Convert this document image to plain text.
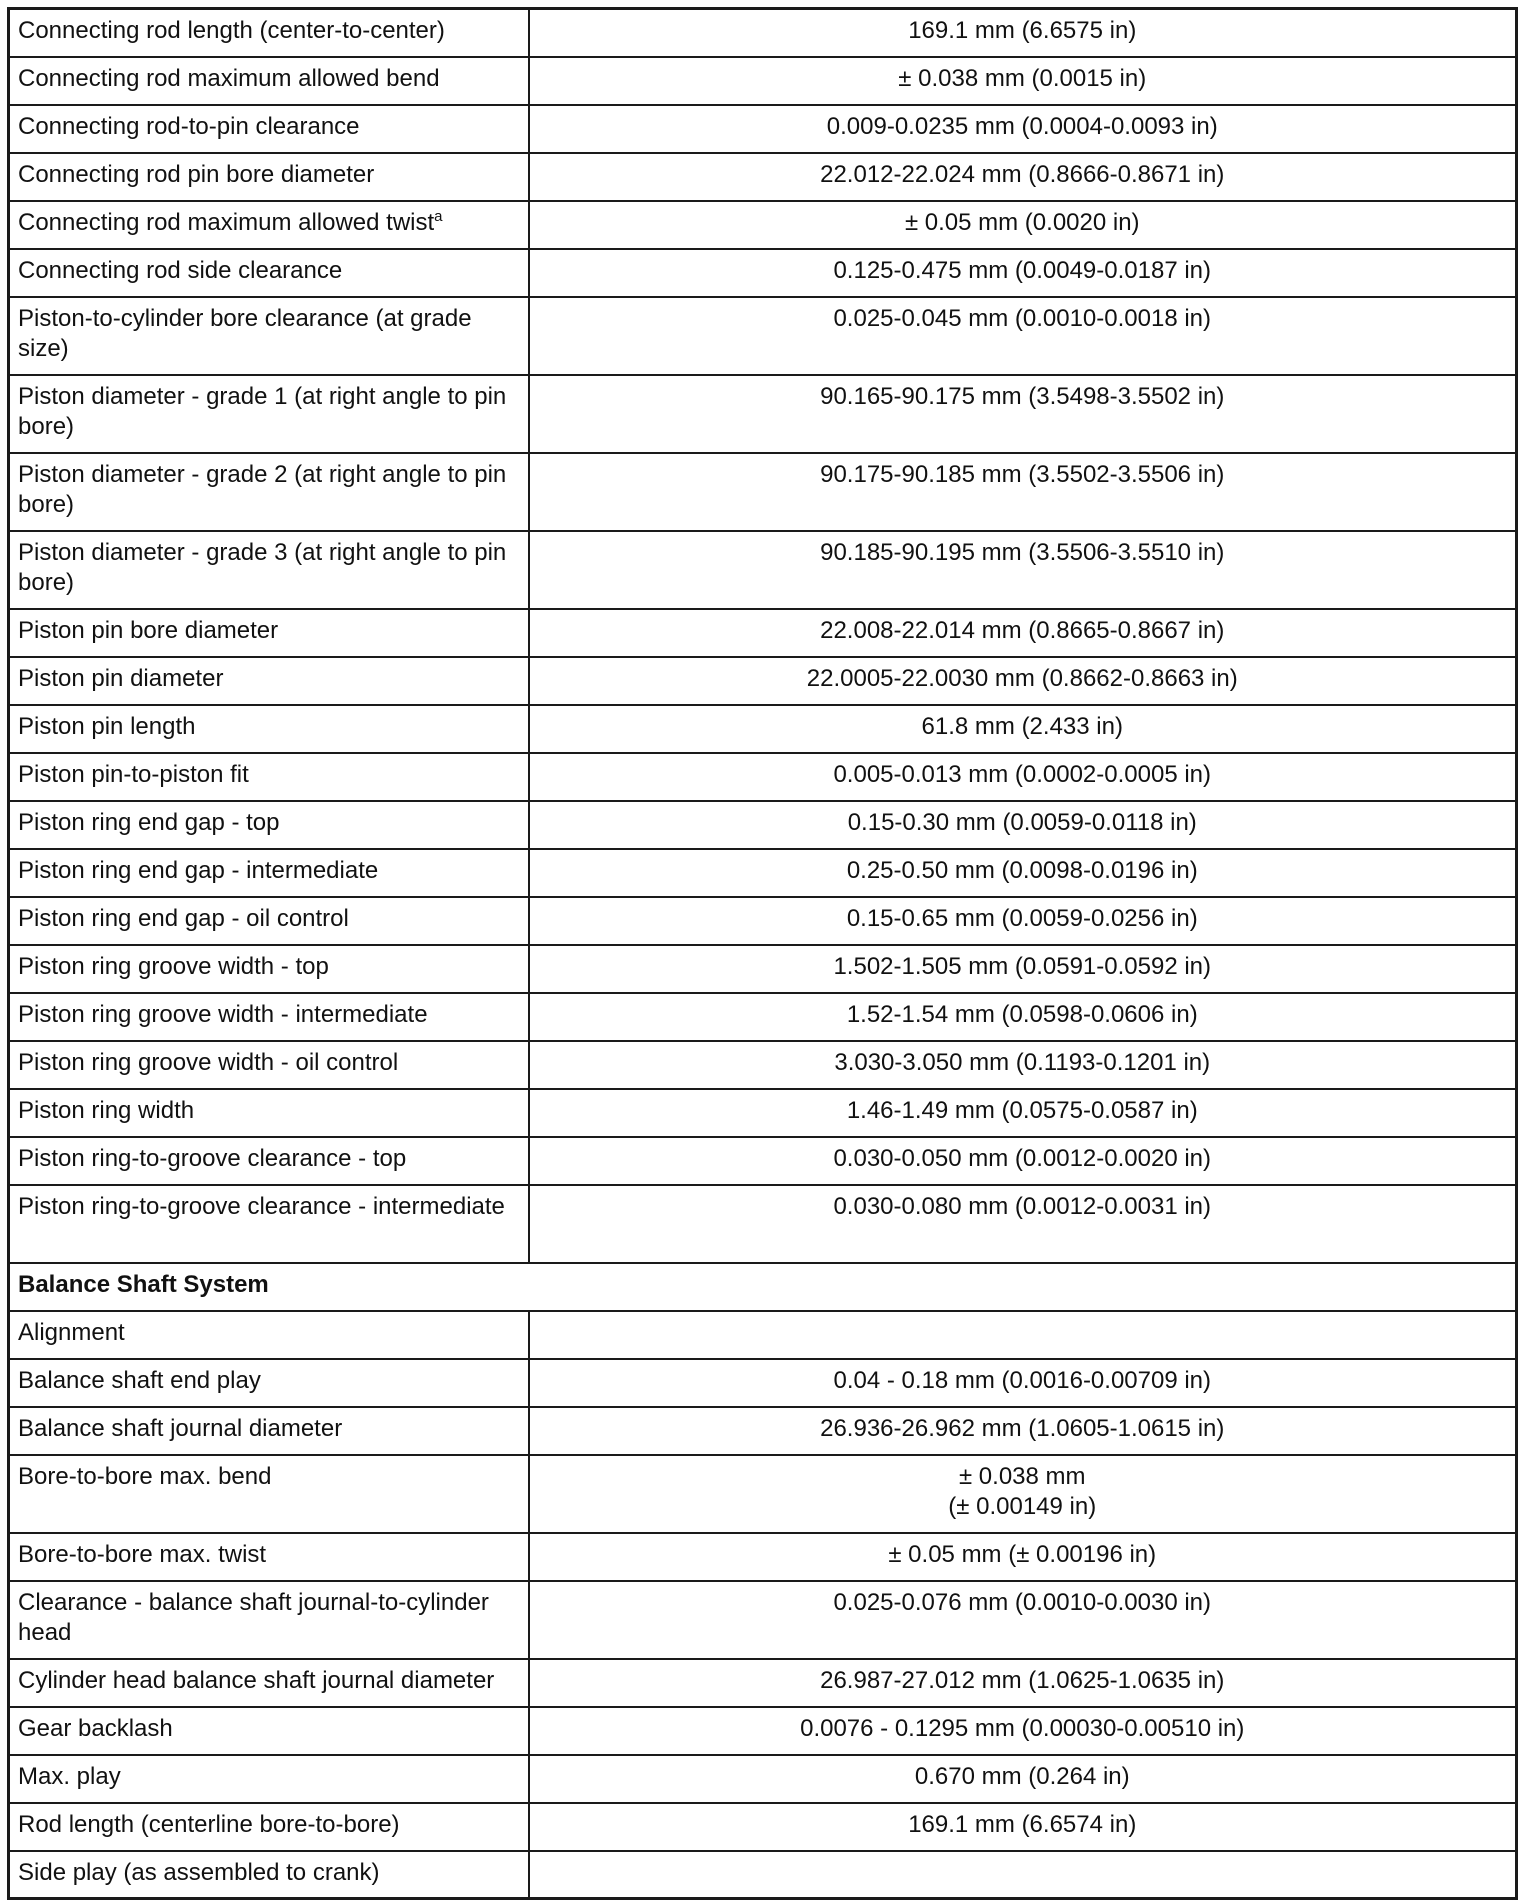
Connecting rod length (center-to-center)	169.1 mm (6.6575 in)
Connecting rod maximum allowed bend	± 0.038 mm (0.0015 in)
Connecting rod-to-pin clearance	0.009-0.0235 mm (0.0004-0.0093 in)
Connecting rod pin bore diameter	22.012-22.024 mm (0.8666-0.8671 in)
Connecting rod maximum allowed twist$^a$	± 0.05 mm (0.0020 in)
Connecting rod side clearance	0.125-0.475 mm (0.0049-0.0187 in)
Piston-to-cylinder bore clearance (at grade size)	0.025-0.045 mm (0.0010-0.0018 in)
Piston diameter - grade 1 (at right angle to pin bore)	90.165-90.175 mm (3.5498-3.5502 in)
Piston diameter - grade 2 (at right angle to pin bore)	90.175-90.185 mm (3.5502-3.5506 in)
Piston diameter - grade 3 (at right angle to pin bore)	90.185-90.195 mm (3.5506-3.5510 in)
Piston pin bore diameter	22.008-22.014 mm (0.8665-0.8667 in)
Piston pin diameter	22.0005-22.0030 mm (0.8662-0.8663 in)
Piston pin length	61.8 mm (2.433 in)
Piston pin-to-piston fit	0.005-0.013 mm (0.0002-0.0005 in)
Piston ring end gap - top	0.15-0.30 mm (0.0059-0.0118 in)
Piston ring end gap - intermediate	0.25-0.50 mm (0.0098-0.0196 in)
Piston ring end gap - oil control	0.15-0.65 mm (0.0059-0.0256 in)
Piston ring groove width - top	1.502-1.505 mm (0.0591-0.0592 in)
Piston ring groove width - intermediate	1.52-1.54 mm (0.0598-0.0606 in)
Piston ring groove width - oil control	3.030-3.050 mm (0.1193-0.1201 in)
Piston ring width	1.46-1.49 mm (0.0575-0.0587 in)
Piston ring-to-groove clearance - top	0.030-0.050 mm (0.0012-0.0020 in)
Piston ring-to-groove clearance - intermediate	0.030-0.080 mm (0.0012-0.0031 in)
Balance Shaft System	
Alignment	
Balance shaft end play	0.04 - 0.18 mm (0.0016-0.00709 in)
Balance shaft journal diameter	26.936-26.962 mm (1.0605-1.0615 in)
Bore-to-bore max. bend	± 0.038 mm
(± 0.00149 in)

Bore-to-bore max. twist	± 0.05 mm (± 0.00196 in)
Clearance - balance shaft journal-to-cylinder head	0.025-0.076 mm (0.0010-0.0030 in)
Cylinder head balance shaft journal diameter	26.987-27.012 mm (1.0625-1.0635 in)
Gear backlash	0.0076 - 0.1295 mm (0.00030-0.00510 in)
Max. play	0.670 mm (0.264 in)
Rod length (centerline bore-to-bore)	169.1 mm (6.6574 in)
Side play (as assembled to crank)	
